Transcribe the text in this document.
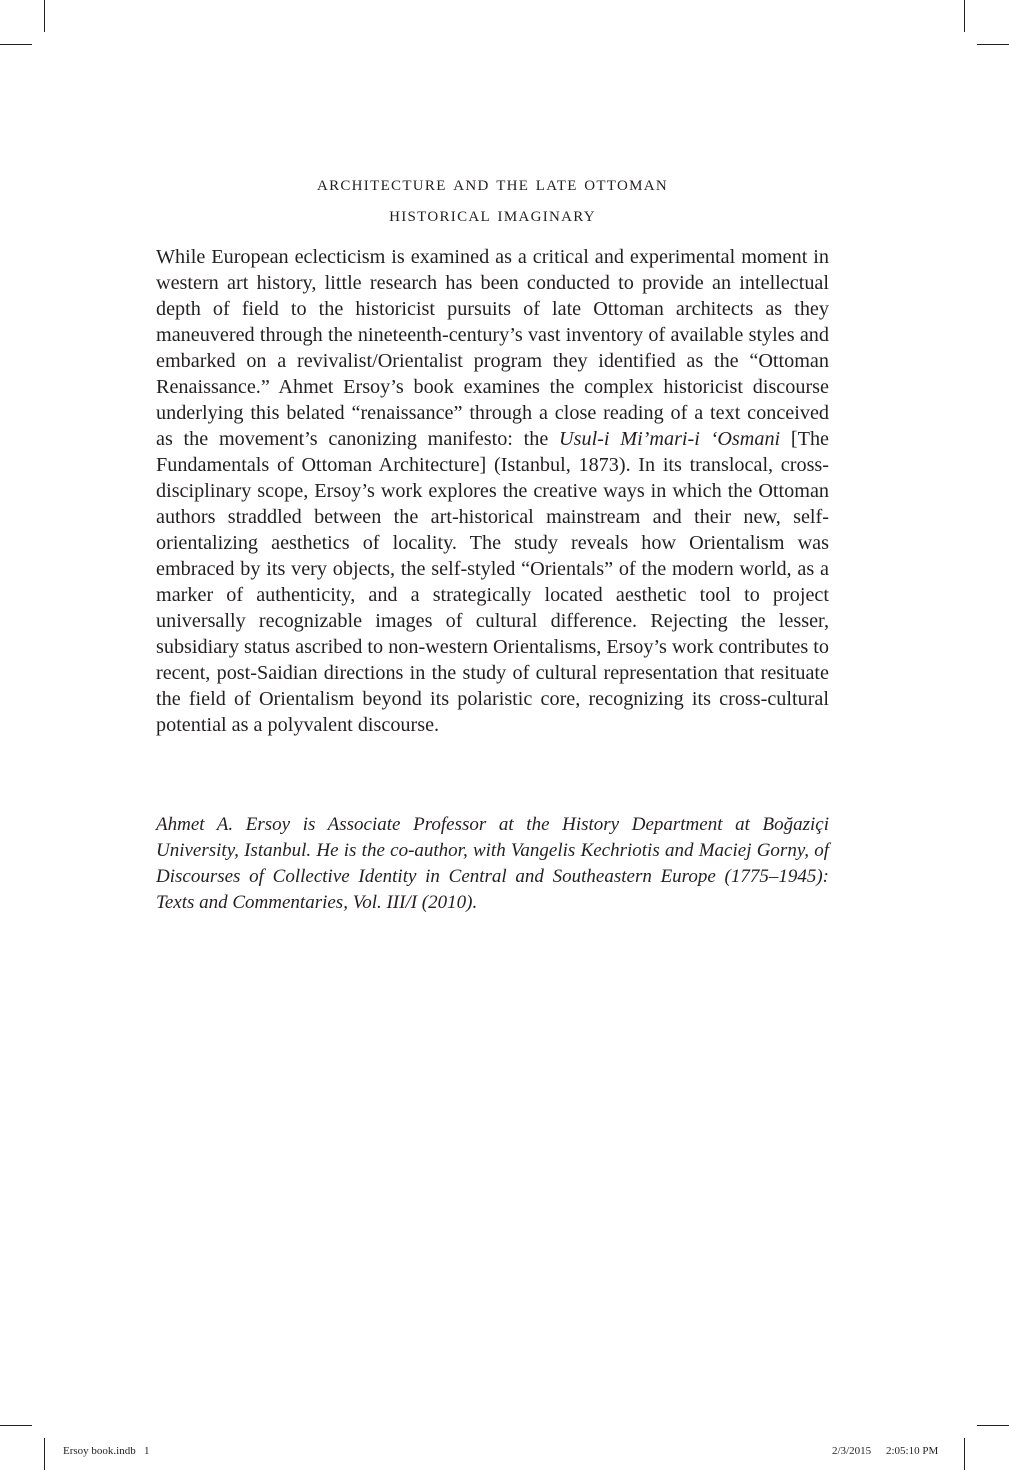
architecture and the late ottoman
historical imaginary

While European eclecticism is examined as a critical and experimental moment in western art history, little research has been conducted to provide an intellectual depth of field to the historicist pursuits of late Ottoman architects as they maneuvered through the nineteenth-century’s vast inventory of available styles and embarked on a revivalist/Orientalist program they identified as the “Ottoman Renaissance.” Ahmet Ersoy’s book examines the complex historicist discourse underlying this belated “renaissance” through a close reading of a text conceived as the movement’s canonizing manifesto: the Usul-i Mi’mari-i ‘Osmani [The Fundamentals of Ottoman Architecture] (Istanbul, 1873). In its translocal, cross-disciplinary scope, Ersoy’s work explores the creative ways in which the Ottoman authors straddled between the art-historical mainstream and their new, self-orientalizing aesthetics of locality. The study reveals how Orientalism was embraced by its very objects, the self-styled “Orientals” of the modern world, as a marker of authenticity, and a strategically located aesthetic tool to project universally recognizable images of cultural difference. Rejecting the lesser, subsidiary status ascribed to non-western Orientalisms, Ersoy’s work contributes to recent, post-Saidian directions in the study of cultural representation that resituate the field of Orientalism beyond its polaristic core, recognizing its cross-cultural potential as a polyvalent discourse.

Ahmet A. Ersoy is Associate Professor at the History Department at Boğaziçi University, Istanbul. He is the co-author, with Vangelis Kechriotis and Maciej Gorny, of Discourses of Collective Identity in Central and Southeastern Europe (1775–1945): Texts and Commentaries, Vol. III/I (2010).

Ersoy book.indb   1	2/3/2015 2:05:10 PM
